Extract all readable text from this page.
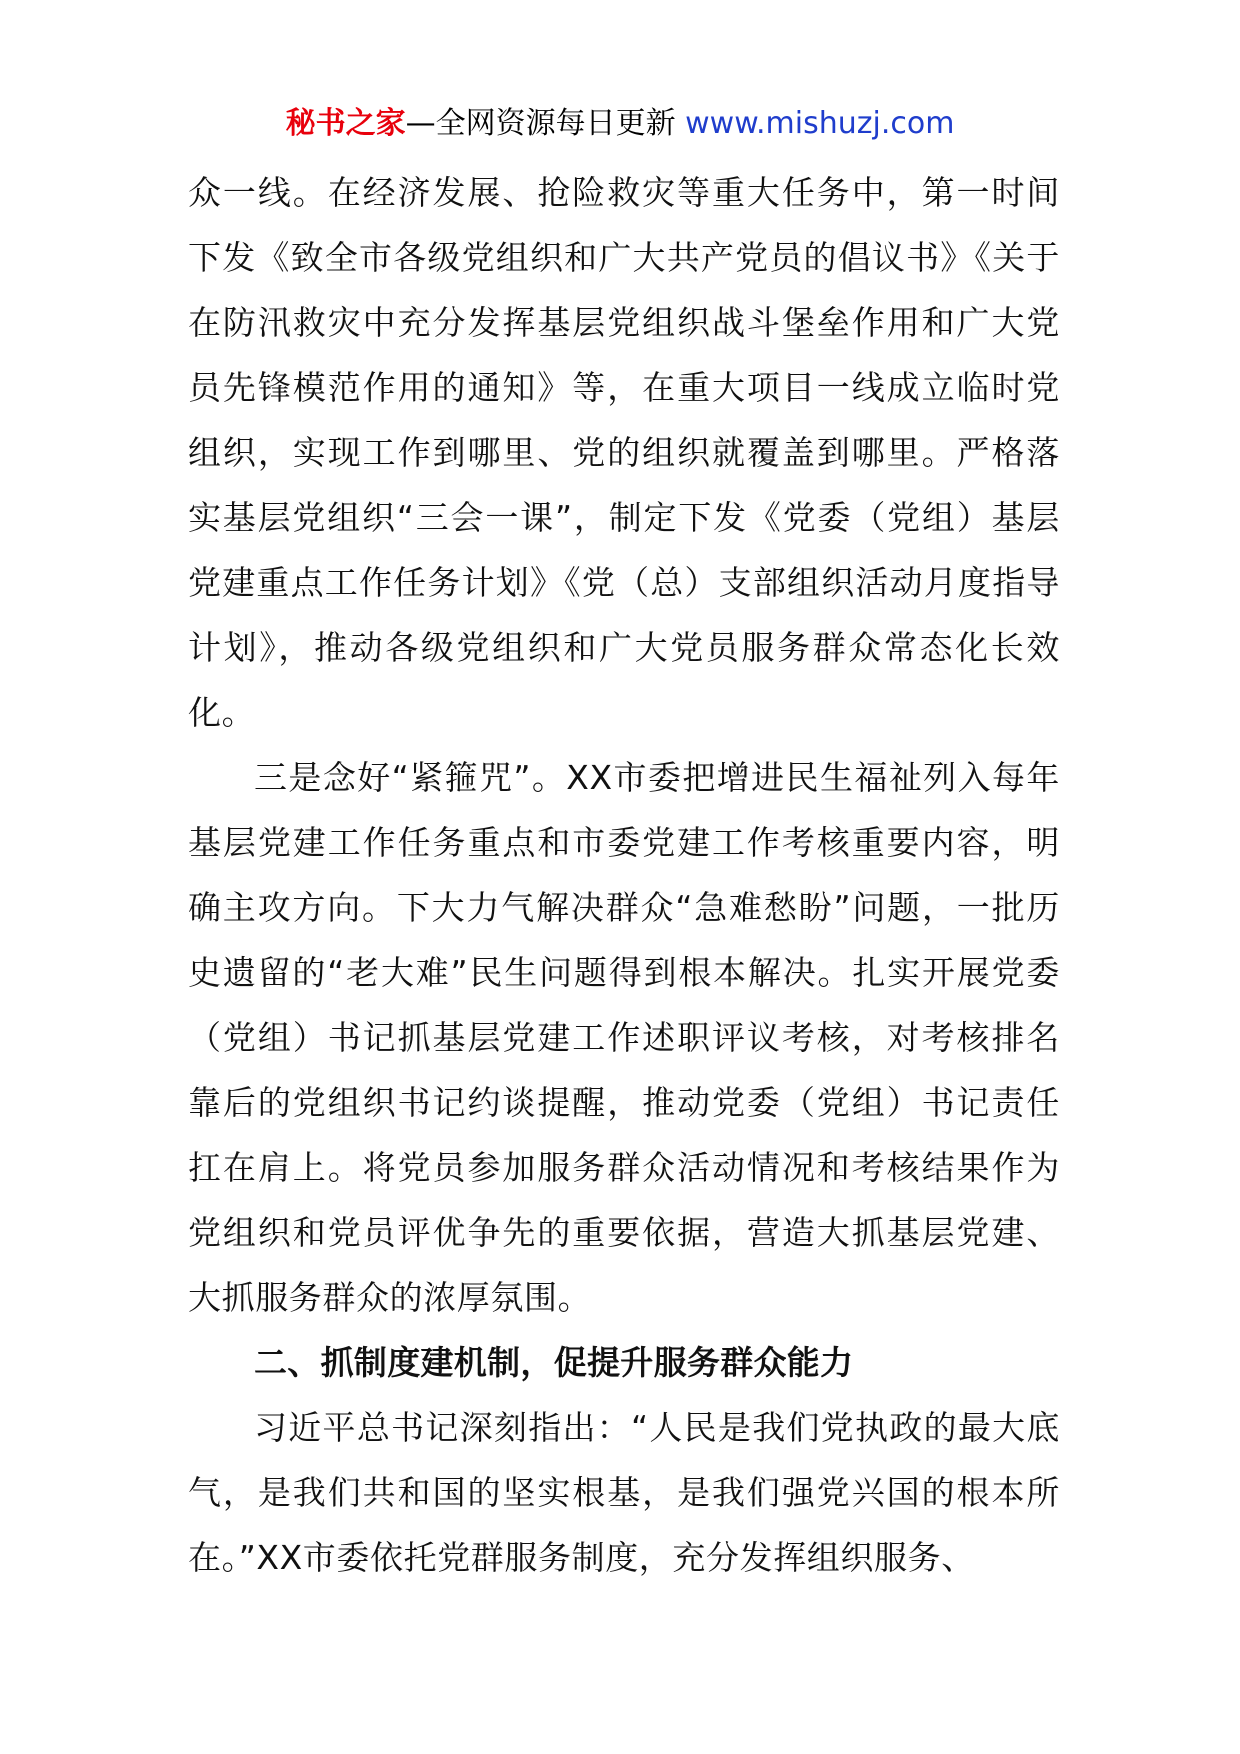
秘书之家—全网资源每日更新 www.mishuzj.com

众一线。在经济发展、抢险救灾等重大任务中，第一时间下发《致全市各级党组织和广大共产党员的倡议书》《关于在防汛救灾中充分发挥基层党组织战斗堡垒作用和广大党员先锋模范作用的通知》等，在重大项目一线成立临时党组织，实现工作到哪里、党的组织就覆盖到哪里。严格落实基层党组织“三会一课”，制定下发《党委（党组）基层党建重点工作任务计划》《党（总）支部组织活动月度指导计划》，推动各级党组织和广大党员服务群众常态化长效化。

三是念好“紧箍咒”。XX市委把增进民生福祉列入每年基层党建工作任务重点和市委党建工作考核重要内容，明确主攻方向。下大力气解决群众“急难愁盼”问题，一批历史遗留的“老大难”民生问题得到根本解决。扎实开展党委（党组）书记抓基层党建工作述职评议考核，对考核排名靠后的党组织书记约谈提醒，推动党委（党组）书记责任扛在肩上。将党员参加服务群众活动情况和考核结果作为党组织和党员评优争先的重要依据，营造大抓基层党建、大抓服务群众的浓厚氛围。

二、抓制度建机制，促提升服务群众能力

习近平总书记深刻指出：“人民是我们党执政的最大底气，是我们共和国的坚实根基，是我们强党兴国的根本所在。”XX市委依托党群服务制度，充分发挥组织服务、
